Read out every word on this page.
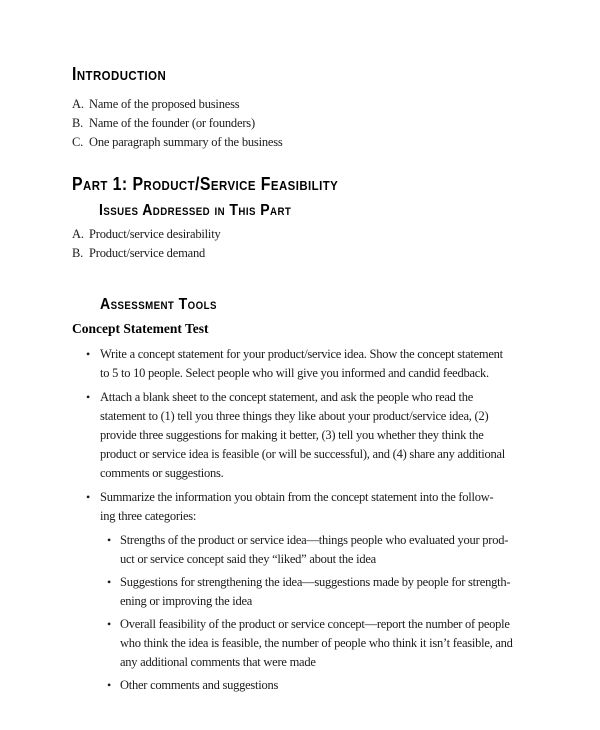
Introduction
A. Name of the proposed business
B. Name of the founder (or founders)
C. One paragraph summary of the business
Part 1: Product/Service Feasibility
Issues Addressed in This Part
A. Product/service desirability
B. Product/service demand
Assessment Tools
Concept Statement Test
• Write a concept statement for your product/service idea. Show the concept statement
to 5 to 10 people. Select people who will give you informed and candid feedback.
• Attach a blank sheet to the concept statement, and ask the people who read the
statement to (1) tell you three things they like about your product/service idea, (2)
provide three suggestions for making it better, (3) tell you whether they think the
product or service idea is feasible (or will be successful), and (4) share any additional
comments or suggestions.
• Summarize the information you obtain from the concept statement into the follow-
ing three categories:
• Strengths of the product or service idea—things people who evaluated your prod-
uct or service concept said they “liked” about the idea
• Suggestions for strengthening the idea—suggestions made by people for strength-
ening or improving the idea
• Overall feasibility of the product or service concept—report the number of people
who think the idea is feasible, the number of people who think it isn’t feasible, and
any additional comments that were made
• Other comments and suggestions
